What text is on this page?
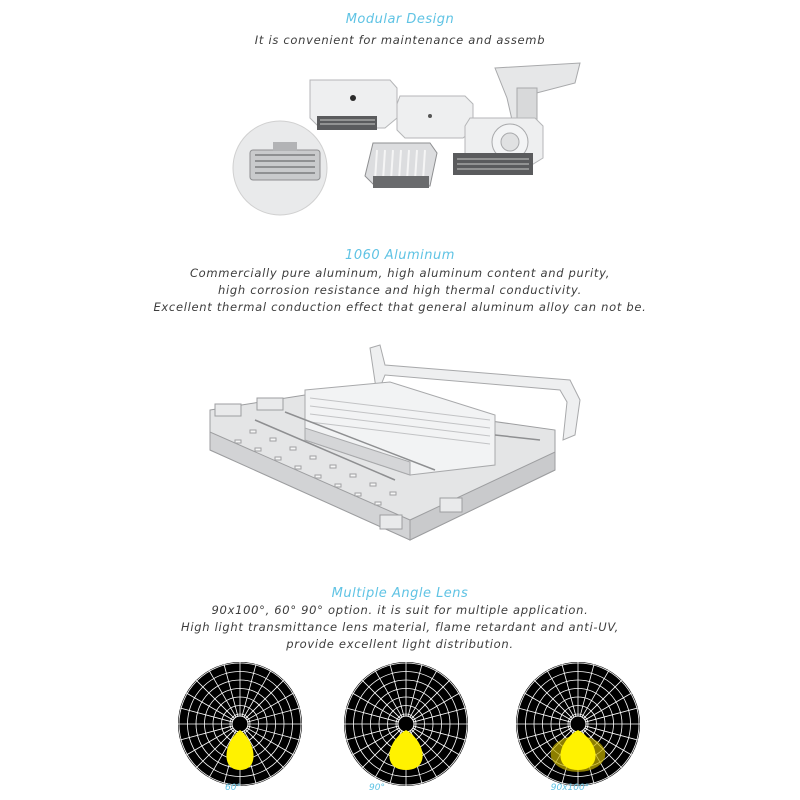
Modular Design
It is convenient for maintenance and assemb
1060 Aluminum
Commercially pure aluminum, high aluminum content and purity,
high corrosion resistance and high thermal conductivity.
Excellent thermal conduction effect that general aluminum alloy can not be.
Multiple Angle Lens
90x100°, 60° 90° option. it is suit for multiple application.
High light transmittance lens material, flame retardant and anti-UV,
provide excellent light distribution.
60°	90°	90x100°
